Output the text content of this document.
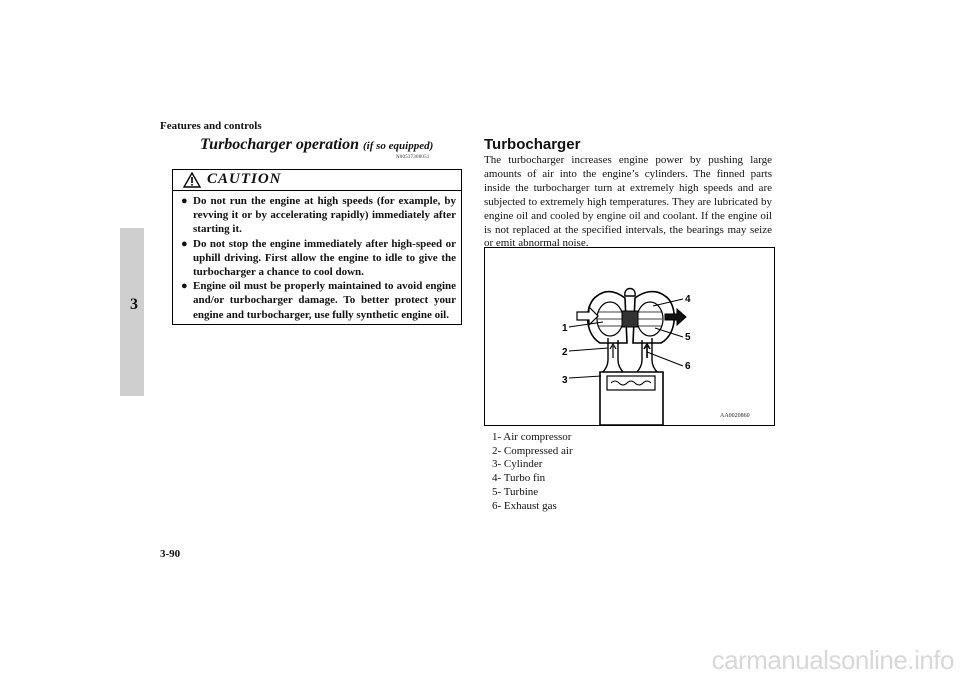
Features and controls
3
Turbocharger operation (if so equipped)
N00537300051
CAUTION
● Do not run the engine at high speeds (for example, by revving it or by accelerating rapidly) immediately after starting it.
● Do not stop the engine immediately after high-speed or uphill driving. First allow the engine to idle to give the turbocharger a chance to cool down.
● Engine oil must be properly maintained to avoid engine and/or turbocharger damage. To better protect your engine and turbocharger, use fully synthetic engine oil.
Turbocharger
The turbocharger increases engine power by pushing large amounts of air into the engine’s cylinders. The finned parts inside the turbocharger turn at extremely high speeds and are subjected to extremely high temperatures. They are lubricated by engine oil and cooled by engine oil and coolant. If the engine oil is not replaced at the specified intervals, the bearings may seize or emit abnormal noise.
1
2
3
4
5
6
AA0020860
1- Air compressor
2- Compressed air
3- Cylinder
4- Turbo fin
5- Turbine
6- Exhaust gas
3-90
carmanualsonline.info
